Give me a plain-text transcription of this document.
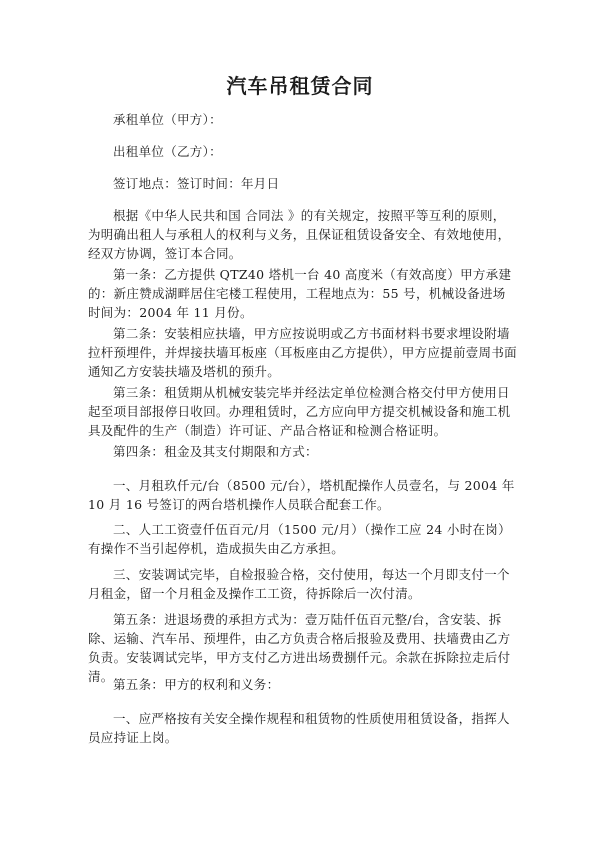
汽车吊租赁合同
承租单位（甲方）：
出租单位（乙方）：
签订地点：签订时间：年月日
根据《中华人民共和国 合同法 》的有关规定，按照平等互利的原则，为明确出租人与承租人的权利与义务，且保证租赁设备安全、有效地使用，经双方协调，签订本合同。
第一条：乙方提供 QTZ40 塔机一台 40 高度米（有效高度）甲方承建的：新庄赞成湖畔居住宅楼工程使用，工程地点为：55 号，机械设备进场时间为：2004 年 11 月份。
第二条：安装相应扶墙，甲方应按说明或乙方书面材料书要求埋设附墙拉杆预埋件，并焊接扶墙耳板座（耳板座由乙方提供），甲方应提前壹周书面通知乙方安装扶墙及塔机的预升。
第三条：租赁期从机械安装完毕并经法定单位检测合格交付甲方使用日起至项目部报停日收回。办理租赁时，乙方应向甲方提交机械设备和施工机具及配件的生产（制造）许可证、产品合格证和检测合格证明。
第四条：租金及其支付期限和方式：
一、月租玖仟元/台（8500 元/台），塔机配操作人员壹名，与 2004 年 10 月 16 号签订的两台塔机操作人员联合配套工作。
二、人工工资壹仟伍百元/月（1500 元/月）（操作工应 24 小时在岗）有操作不当引起停机，造成损失由乙方承担。
三、安装调试完毕，自检报验合格，交付使用，每达一个月即支付一个月租金，留一个月租金及操作工工资，待拆除后一次付清。
第五条：进退场费的承担方式为：壹万陆仟伍百元整/台，含安装、拆除、运输、汽车吊、预埋件，由乙方负责合格后报验及费用、扶墙费由乙方负责。安装调试完毕，甲方支付乙方进出场费捌仟元。余款在拆除拉走后付清。
第五条：甲方的权利和义务：
一、应严格按有关安全操作规程和租赁物的性质使用租赁设备，指挥人员应持证上岗。
